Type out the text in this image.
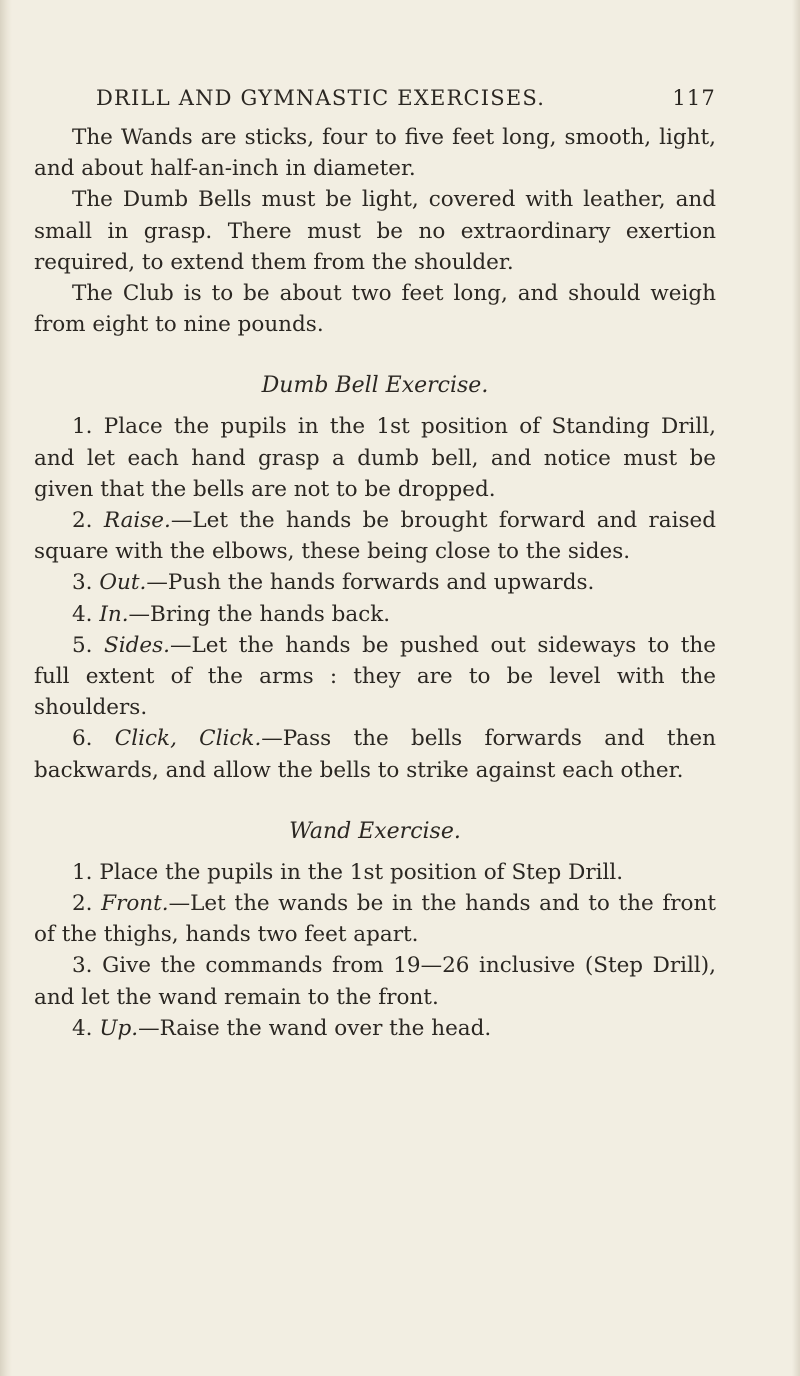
DRILL AND GYMNASTIC EXERCISES.	117

The Wands are sticks, four to five feet long, smooth, light, and about half-an-inch in diameter.

The Dumb Bells must be light, covered with leather, and small in grasp. There must be no extraordinary exertion required, to extend them from the shoulder.

The Club is to be about two feet long, and should weigh from eight to nine pounds.

Dumb Bell Exercise.

1. Place the pupils in the 1st position of Standing Drill, and let each hand grasp a dumb bell, and notice must be given that the bells are not to be dropped.

2. Raise.—Let the hands be brought forward and raised square with the elbows, these being close to the sides.

3. Out.—Push the hands forwards and upwards.

4. In.—Bring the hands back.

5. Sides.—Let the hands be pushed out sideways to the full extent of the arms : they are to be level with the shoulders.

6. Click, Click.—Pass the bells forwards and then backwards, and allow the bells to strike against each other.

Wand Exercise.

1. Place the pupils in the 1st position of Step Drill.

2. Front.—Let the wands be in the hands and to the front of the thighs, hands two feet apart.

3. Give the commands from 19—26 inclusive (Step Drill), and let the wand remain to the front.

4. Up.—Raise the wand over the head.
